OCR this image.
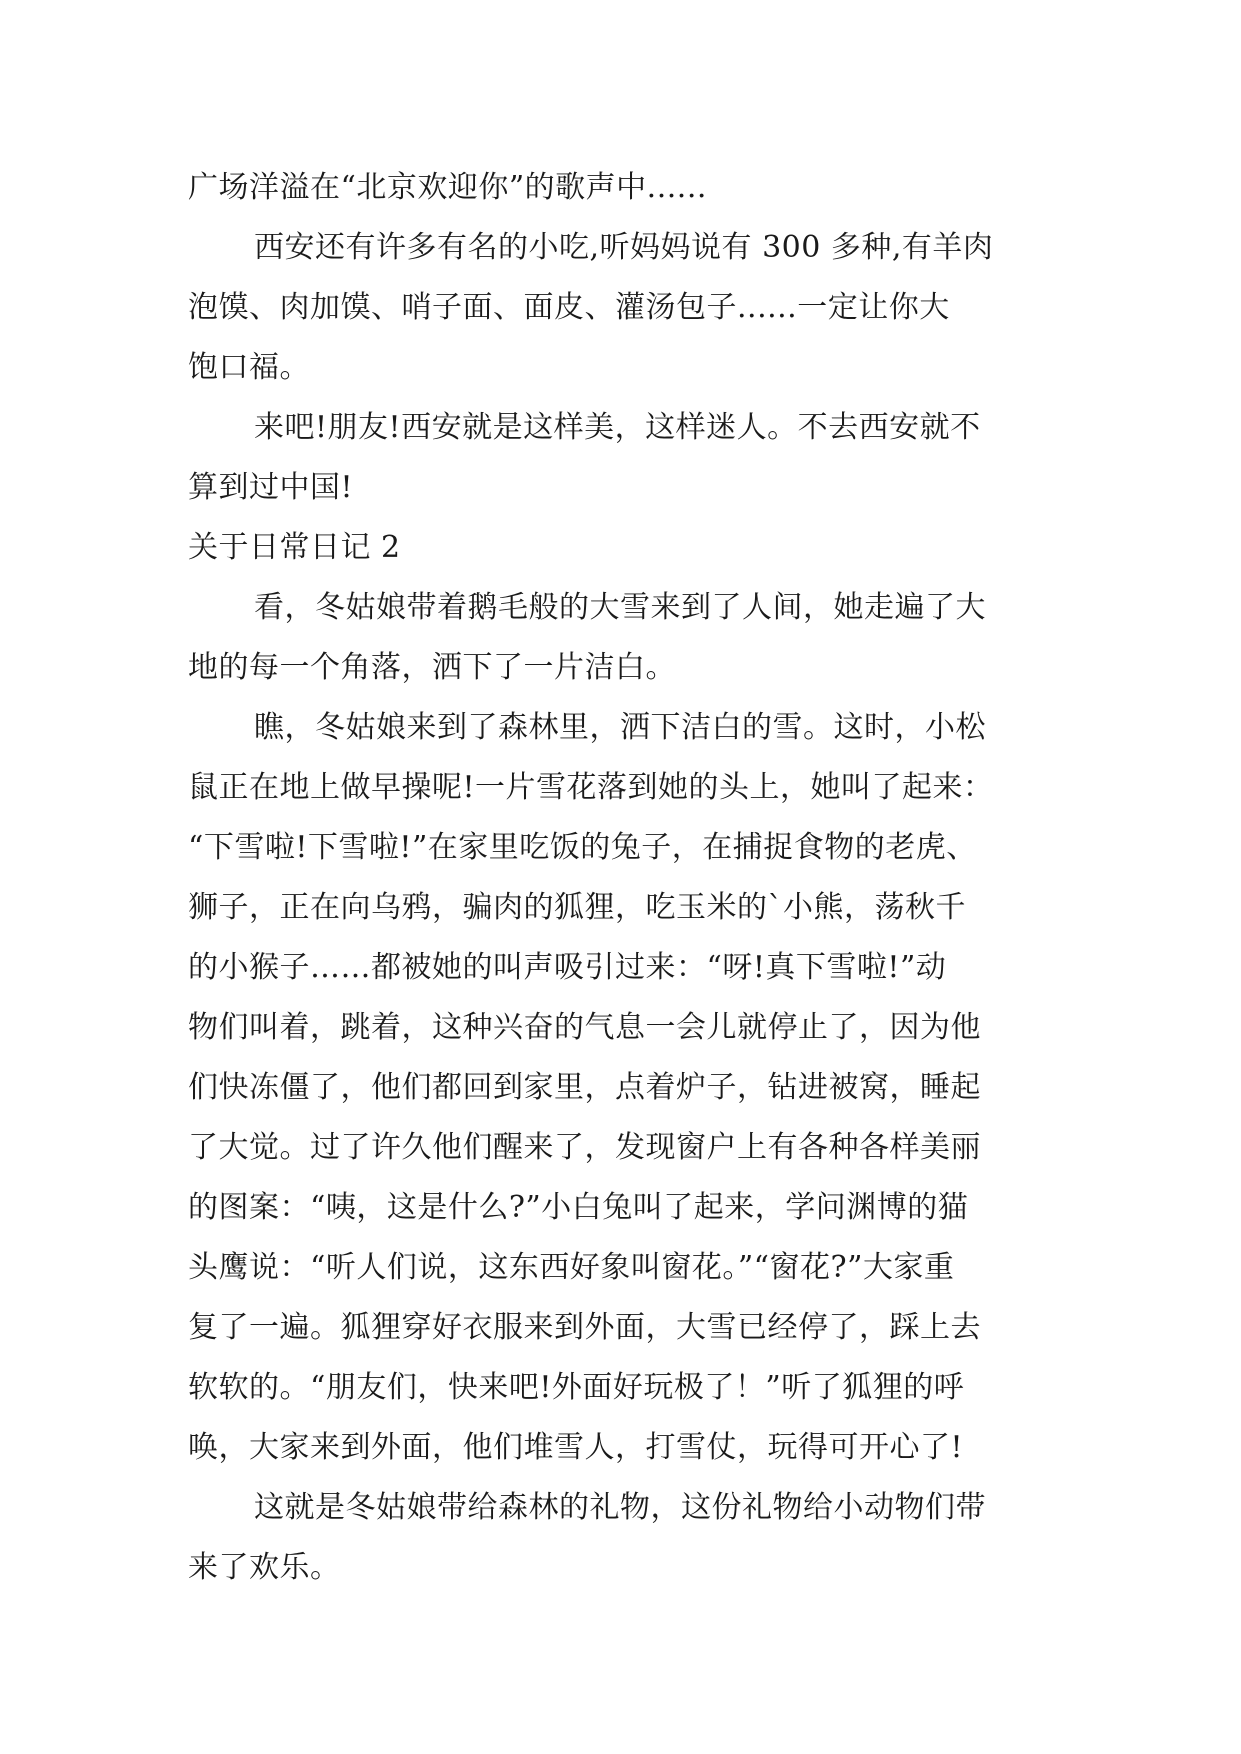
广场洋溢在“北京欢迎你”的歌声中......
西安还有许多有名的小吃,听妈妈说有 300 多种,有羊肉
泡馍、肉加馍、哨子面、面皮、灌汤包子......一定让你大
饱口福。
来吧!朋友!西安就是这样美，这样迷人。不去西安就不
算到过中国!
关于日常日记 2
看，冬姑娘带着鹅毛般的大雪来到了人间，她走遍了大
地的每一个角落，洒下了一片洁白。
瞧，冬姑娘来到了森林里，洒下洁白的雪。这时，小松
鼠正在地上做早操呢!一片雪花落到她的头上，她叫了起来：
“下雪啦!下雪啦!”在家里吃饭的兔子，在捕捉食物的老虎、
狮子，正在向乌鸦，骗肉的狐狸，吃玉米的`小熊，荡秋千
的小猴子……都被她的叫声吸引过来：“呀!真下雪啦!”动
物们叫着，跳着，这种兴奋的气息一会儿就停止了，因为他
们快冻僵了，他们都回到家里，点着炉子，钻进被窝，睡起
了大觉。过了许久他们醒来了，发现窗户上有各种各样美丽
的图案：“咦，这是什么?”小白兔叫了起来，学问渊博的猫
头鹰说：“听人们说，这东西好象叫窗花。”“窗花?”大家重
复了一遍。狐狸穿好衣服来到外面，大雪已经停了，踩上去
软软的。“朋友们，快来吧!外面好玩极了！”听了狐狸的呼
唤，大家来到外面，他们堆雪人，打雪仗，玩得可开心了!
这就是冬姑娘带给森林的礼物，这份礼物给小动物们带
来了欢乐。
